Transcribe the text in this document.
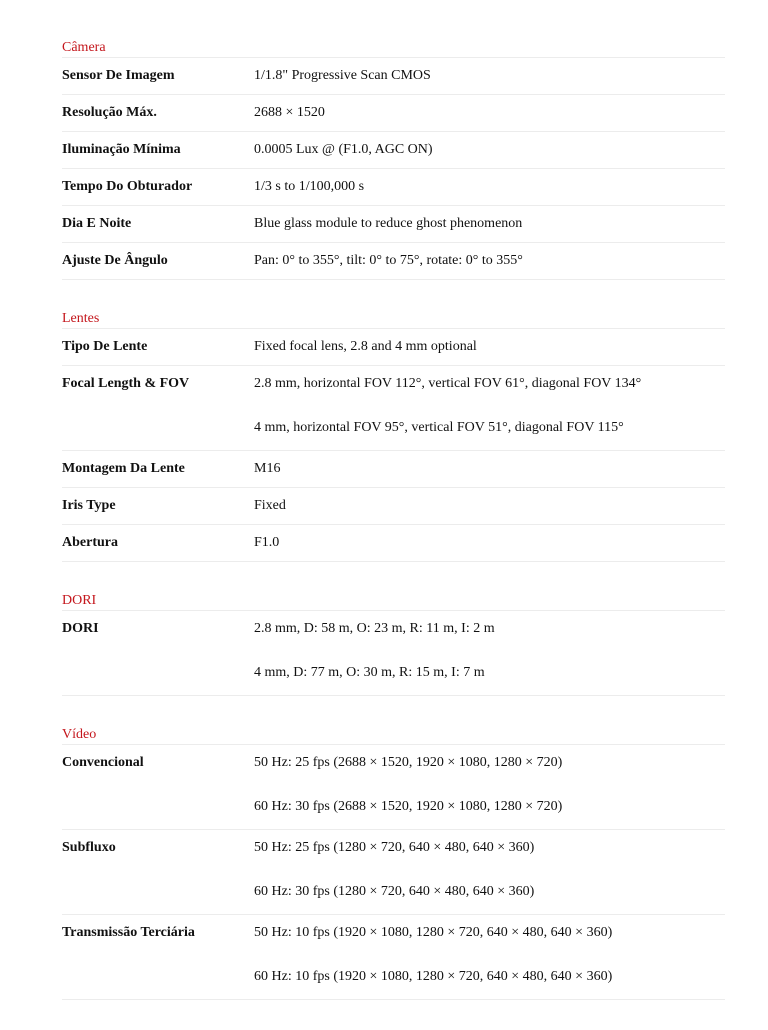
Câmera
Sensor De Imagem	1/1.8" Progressive Scan CMOS
Resolução Máx.	2688 × 1520
Iluminação Mínima	0.0005 Lux @ (F1.0, AGC ON)
Tempo Do Obturador	1/3 s to 1/100,000 s
Dia E Noite	Blue glass module to reduce ghost phenomenon
Ajuste De Ângulo	Pan: 0° to 355°, tilt: 0° to 75°, rotate: 0° to 355°
Lentes
Tipo De Lente	Fixed focal lens, 2.8 and 4 mm optional
Focal Length & FOV	2.8 mm, horizontal FOV 112°, vertical FOV 61°, diagonal FOV 134°
4 mm, horizontal FOV 95°, vertical FOV 51°, diagonal FOV 115°
Montagem Da Lente	M16
Iris Type	Fixed
Abertura	F1.0
DORI
DORI	2.8 mm, D: 58 m, O: 23 m, R: 11 m, I: 2 m
4 mm, D: 77 m, O: 30 m, R: 15 m, I: 7 m
Vídeo
Convencional	50 Hz: 25 fps (2688 × 1520, 1920 × 1080, 1280 × 720)
60 Hz: 30 fps (2688 × 1520, 1920 × 1080, 1280 × 720)
Subfluxo	50 Hz: 25 fps (1280 × 720, 640 × 480, 640 × 360)
60 Hz: 30 fps (1280 × 720, 640 × 480, 640 × 360)
Transmissão Terciária	50 Hz: 10 fps (1920 × 1080, 1280 × 720, 640 × 480, 640 × 360)
60 Hz: 10 fps (1920 × 1080, 1280 × 720, 640 × 480, 640 × 360)
